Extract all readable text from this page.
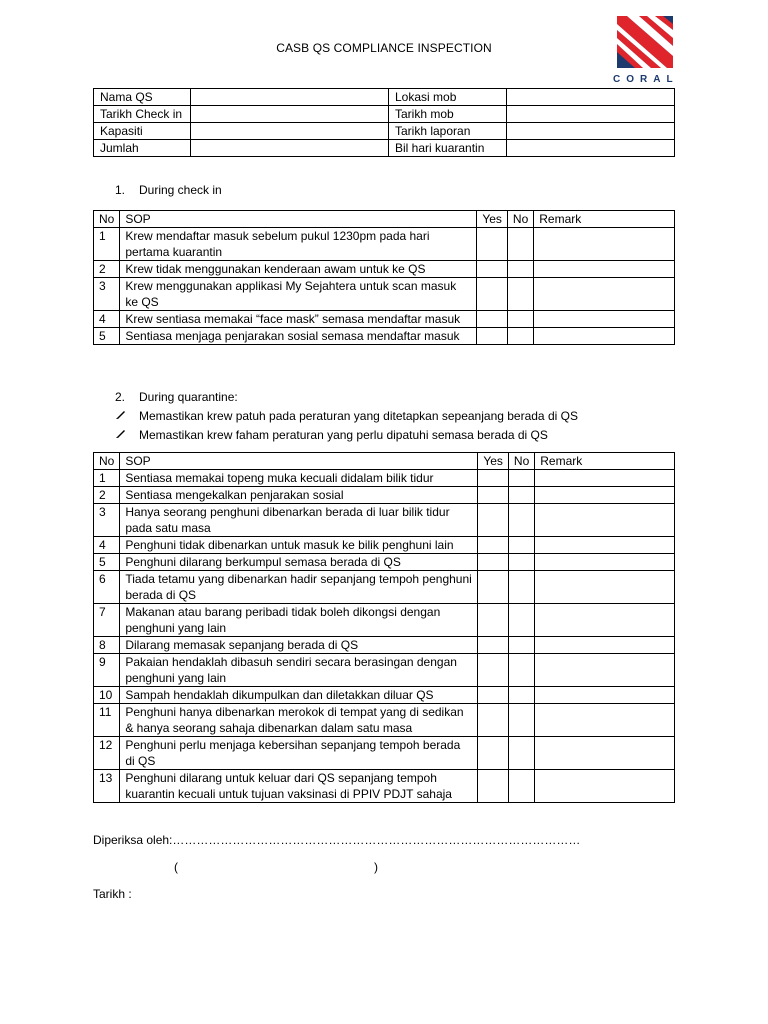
CASB QS COMPLIANCE INSPECTION
CORAL
Nama QS		Lokasi mob	
Tarikh Check in		Tarikh mob	
Kapasiti		Tarikh laporan	
Jumlah		Bil hari kuarantin	
1. During check in
No	SOP	Yes	No	Remark
1	Krew mendaftar masuk sebelum pukul 1230pm pada hari pertama kuarantin			
2	Krew tidak menggunakan kenderaan awam untuk ke QS			
3	Krew menggunakan applikasi My Sejahtera untuk scan masuk ke QS			
4	Krew sentiasa memakai “face mask” semasa mendaftar masuk			
5	Sentiasa menjaga penjarakan sosial semasa mendaftar masuk			
2. During quarantine:
Memastikan krew patuh pada peraturan yang ditetapkan sepeanjang berada di QS
Memastikan krew faham peraturan yang perlu dipatuhi semasa berada di QS
No	SOP	Yes	No	Remark
1	Sentiasa memakai topeng muka kecuali didalam bilik tidur			
2	Sentiasa mengekalkan penjarakan sosial			
3	Hanya seorang penghuni dibenarkan berada di luar bilik tidur pada satu masa			
4	Penghuni tidak dibenarkan untuk masuk ke bilik penghuni lain			
5	Penghuni dilarang berkumpul semasa berada di QS			
6	Tiada tetamu yang dibenarkan hadir sepanjang tempoh penghuni berada di QS			
7	Makanan atau barang peribadi tidak boleh dikongsi dengan penghuni yang lain			
8	Dilarang memasak sepanjang berada di QS			
9	Pakaian hendaklah dibasuh sendiri secara berasingan dengan penghuni yang lain			
10	Sampah hendaklah dikumpulkan dan diletakkan diluar QS			
11	Penghuni hanya dibenarkan merokok di tempat yang di sedikan & hanya seorang sahaja dibenarkan dalam satu masa			
12	Penghuni perlu menjaga kebersihan sepanjang tempoh berada di QS			
13	Penghuni dilarang untuk keluar dari QS sepanjang tempoh kuarantin kecuali untuk tujuan vaksinasi di PPIV PDJT sahaja			
Diperiksa oleh:…………………………………………………………………………………………
(	)
Tarikh :
